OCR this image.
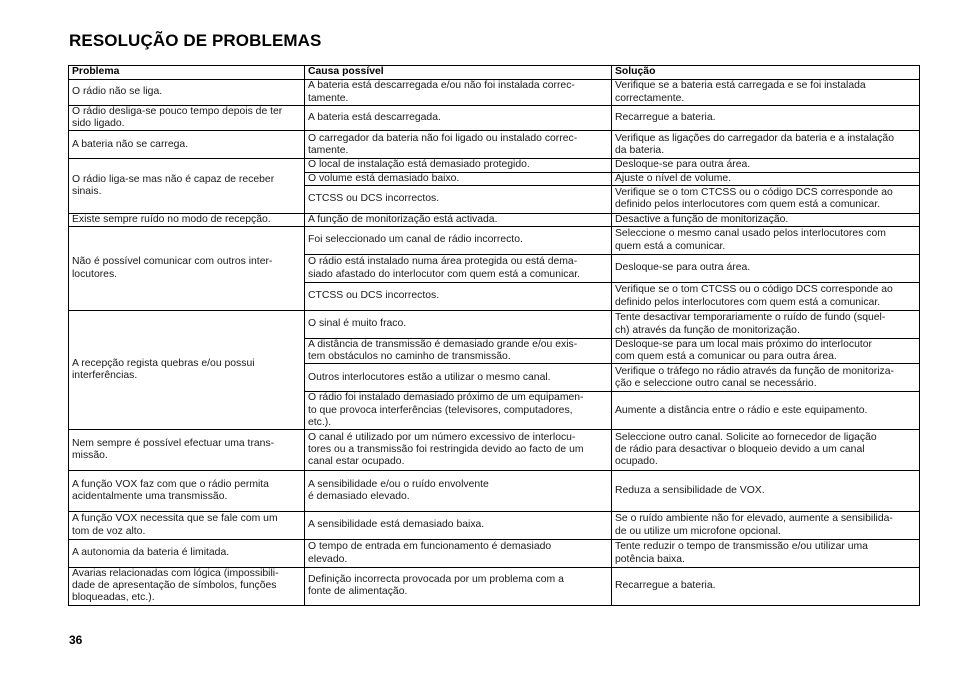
RESOLUÇÃO DE PROBLEMAS
Problema	Causa possível	Solução
O rádio não se liga.	A bateria está descarregada e/ou não foi instalada correc-
tamente.	Verifique se a bateria está carregada e se foi instalada
correctamente.
O rádio desliga-se pouco tempo depois de ter
sido ligado.	A bateria está descarregada.	Recarregue a bateria.
A bateria não se carrega.	O carregador da bateria não foi ligado ou instalado correc-
tamente.	Verifique as ligações do carregador da bateria e a instalação
da bateria.
O rádio liga-se mas não é capaz de receber
sinais.	O local de instalação está demasiado protegido.	Desloque-se para outra área.
	O volume está demasiado baixo.	Ajuste o nível de volume.
	CTCSS ou DCS incorrectos.	Verifique se o tom CTCSS ou o código DCS corresponde ao
definido pelos interlocutores com quem está a comunicar.
Existe sempre ruído no modo de recepção.	A função de monitorização está activada.	Desactive a função de monitorização.
Não é possível comunicar com outros inter-
locutores.	Foi seleccionado um canal de rádio incorrecto.	Seleccione o mesmo canal usado pelos interlocutores com
quem está a comunicar.
	O rádio está instalado numa área protegida ou está dema-
siado afastado do interlocutor com quem está a comunicar.	Desloque-se para outra área.
	CTCSS ou DCS incorrectos.	Verifique se o tom CTCSS ou o código DCS corresponde ao
definido pelos interlocutores com quem está a comunicar.
A recepção regista quebras e/ou possui
interferências.	O sinal é muito fraco.	Tente desactivar temporariamente o ruído de fundo (squel-
ch) através da função de monitorização.
	A distância de transmissão é demasiado grande e/ou exis-
tem obstáculos no caminho de transmissão.	Desloque-se para um local mais próximo do interlocutor
com quem está a comunicar ou para outra área.
	Outros interlocutores estão a utilizar o mesmo canal.	Verifique o tráfego no rádio através da função de monitoriza-
ção e seleccione outro canal se necessário.
	O rádio foi instalado demasiado próximo de um equipamen-
to que provoca interferências (televisores, computadores,
etc.).	Aumente a distância entre o rádio e este equipamento.
Nem sempre é possível efectuar uma trans-
missão.	O canal é utilizado por um número excessivo de interlocu-
tores ou a transmissão foi restringida devido ao facto de um
canal estar ocupado.	Seleccione outro canal. Solicite ao fornecedor de ligação
de rádio para desactivar o bloqueio devido a um canal
ocupado.
A função VOX faz com que o rádio permita
acidentalmente uma transmissão.	A sensibilidade e/ou o ruído envolvente
é demasiado elevado.	Reduza a sensibilidade de VOX.
A função VOX necessita que se fale com um
tom de voz alto.	A sensibilidade está demasiado baixa.	Se o ruído ambiente não for elevado, aumente a sensibilida-
de ou utilize um microfone opcional.
A autonomia da bateria é limitada.	O tempo de entrada em funcionamento é demasiado
elevado.	Tente reduzir o tempo de transmissão e/ou utilizar uma
potência baixa.
Avarias relacionadas com lógica (impossibili-
dade de apresentação de símbolos, funções
bloqueadas, etc.).	Definição incorrecta provocada por um problema com a
fonte de alimentação.	Recarregue a bateria.
36
